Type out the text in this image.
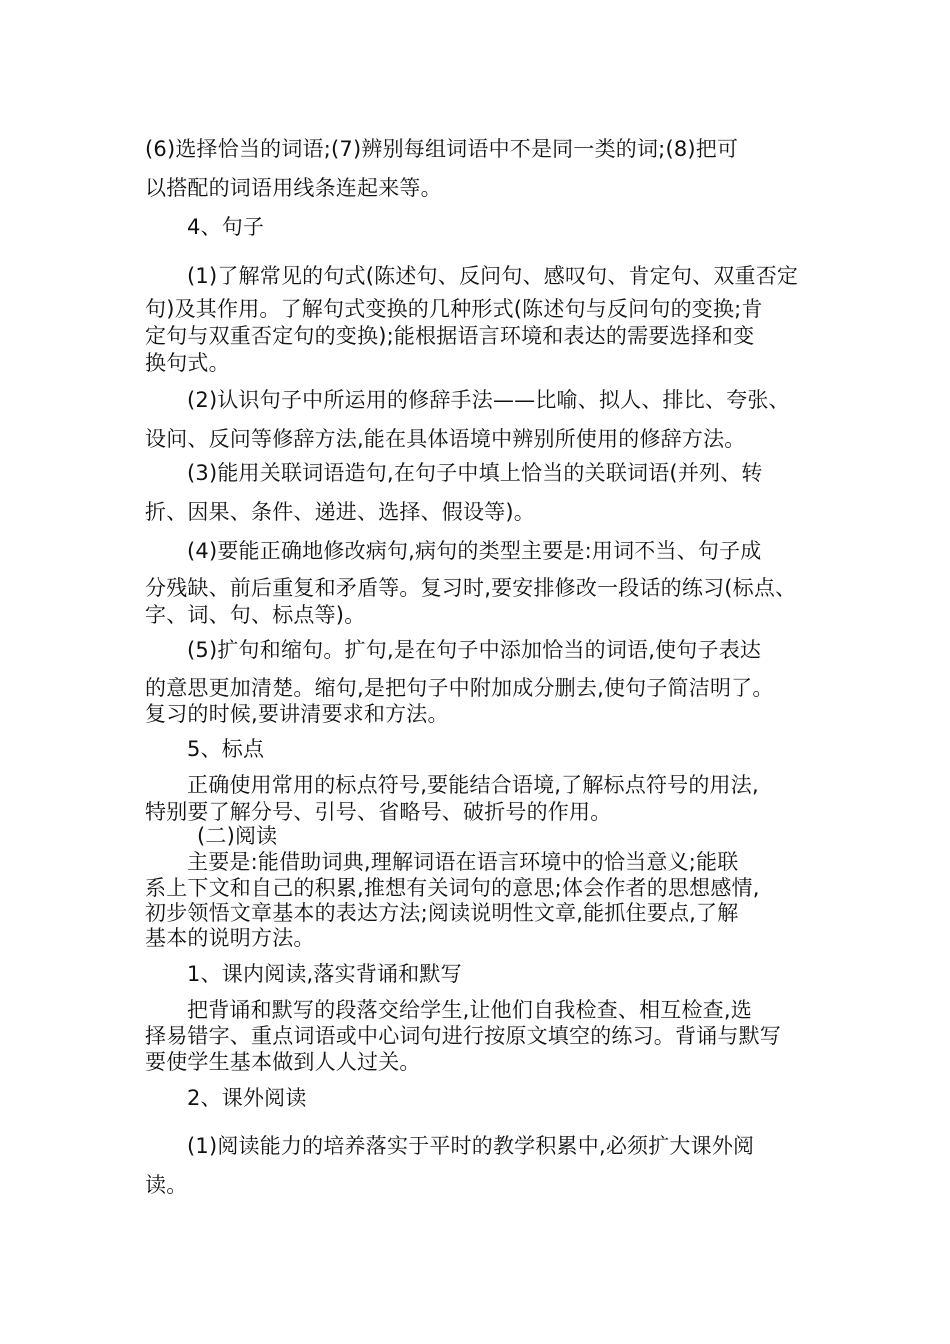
(6)选择恰当的词语;(7)辨别每组词语中不是同一类的词;(8)把可

以搭配的词语用线条连起来等。

4、句子

(1)了解常见的句式(陈述句、反问句、感叹句、肯定句、双重否定

句)及其作用。了解句式变换的几种形式(陈述句与反问句的变换;肯

定句与双重否定句的变换);能根据语言环境和表达的需要选择和变

换句式。

(2)认识句子中所运用的修辞手法——比喻、拟人、排比、夸张、

设问、反问等修辞方法,能在具体语境中辨别所使用的修辞方法。

(3)能用关联词语造句,在句子中填上恰当的关联词语(并列、转

折、因果、条件、递进、选择、假设等)。

(4)要能正确地修改病句,病句的类型主要是:用词不当、句子成

分残缺、前后重复和矛盾等。复习时,要安排修改一段话的练习(标点、

字、词、句、标点等)。

(5)扩句和缩句。扩句,是在句子中添加恰当的词语,使句子表达

的意思更加清楚。缩句,是把句子中附加成分删去,使句子简洁明了。

复习的时候,要讲清要求和方法。

5、标点

正确使用常用的标点符号,要能结合语境,了解标点符号的用法,

特别要了解分号、引号、省略号、破折号的作用。

(二)阅读

主要是:能借助词典,理解词语在语言环境中的恰当意义;能联

系上下文和自己的积累,推想有关词句的意思;体会作者的思想感情,

初步领悟文章基本的表达方法;阅读说明性文章,能抓住要点,了解

基本的说明方法。

1、课内阅读,落实背诵和默写

把背诵和默写的段落交给学生,让他们自我检查、相互检查,选

择易错字、重点词语或中心词句进行按原文填空的练习。背诵与默写

要使学生基本做到人人过关。

2、课外阅读

(1)阅读能力的培养落实于平时的教学积累中,必须扩大课外阅

读。
